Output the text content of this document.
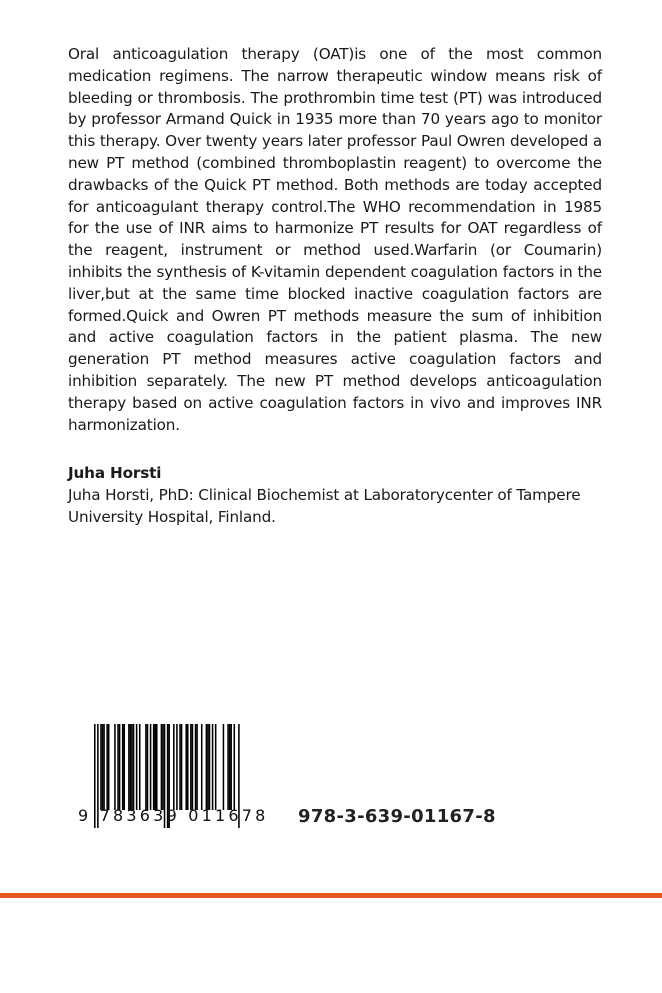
Oral anticoagulation therapy (OAT)is one of the most common medication regimens. The narrow therapeutic window means risk of bleeding or thrombosis. The prothrombin time test (PT) was introduced by professor Armand Quick in 1935 more than 70 years ago to monitor this therapy. Over twenty years later professor Paul Owren developed a new PT method (combined thromboplastin reagent) to overcome the drawbacks of the Quick PT method. Both methods are today accepted for anticoagulant therapy control.The WHO recommendation in 1985 for the use of INR aims to harmonize PT results for OAT regardless of the reagent, instrument or method used.Warfarin (or Coumarin) inhibits the synthesis of K-vitamin dependent coagulation factors in the liver,but at the same time blocked inactive coagulation factors are formed.Quick and Owren PT methods measure the sum of inhibition and active coagulation factors in the patient plasma. The new generation PT method measures active coagulation factors and inhibition separately. The new PT method develops anticoagulation therapy based on active coagulation factors in vivo and improves INR harmonization.

Juha Horsti

Juha Horsti, PhD: Clinical Biochemist at Laboratorycenter of Tampere University Hospital, Finland.

9 783639 011678 978-3-639-01167-8
